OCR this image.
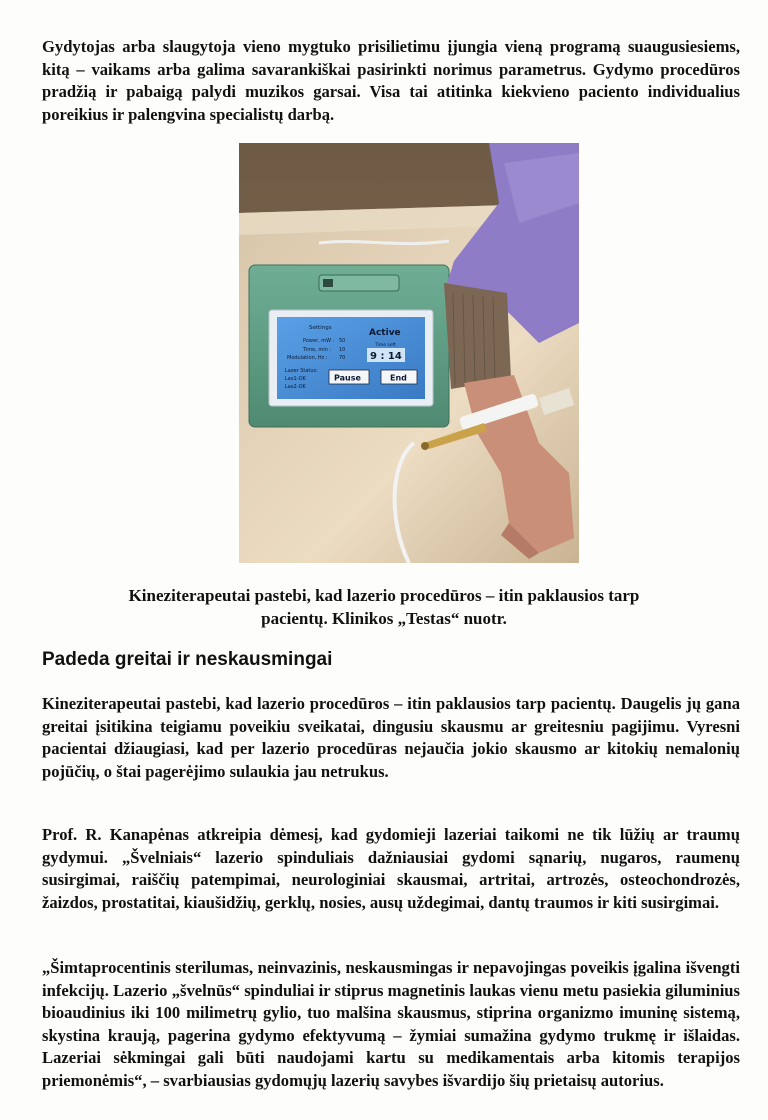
Gydytojas arba slaugytoja vieno mygtuko prisilietimu įjungia vieną programą suaugusiesiems, kitą – vaikams arba galima savarankiškai pasirinkti norimus parametrus. Gydymo procedūros pradžią ir pabaigą palydi muzikos garsai. Visa tai atitinka kiekvieno paciento individualius poreikius ir palengvina specialistų darbą.

Settings	Active
Power, mW : 50
Time, min : 10
Modulation, Hz : 70
Time Left
9 : 14
Lazer Status:
Las1-OK
Las2-OK
Pause	End

Kineziterapeutai pastebi, kad lazerio procedūros – itin paklausios tarp
pacientų. Klinikos „Testas“ nuotr.

Padeda greitai ir neskausmingai

Kineziterapeutai pastebi, kad lazerio procedūros – itin paklausios tarp pacientų. Daugelis jų gana greitai įsitikina teigiamu poveikiu sveikatai, dingusiu skausmu ar greitesniu pagijimu. Vyresni pacientai džiaugiasi, kad per lazerio procedūras nejaučia jokio skausmo ar kitokių nemalonių pojūčių, o štai pagerėjimo sulaukia jau netrukus.

Prof. R. Kanapėnas atkreipia dėmesį, kad gydomieji lazeriai taikomi ne tik lūžių ar traumų gydymui. „Švelniais“ lazerio spinduliais dažniausiai gydomi sąnarių, nugaros, raumenų susirgimai, raiščių patempimai, neurologiniai skausmai, artritai, artrozės, osteochondrozės, žaizdos, prostatitai, kiaušidžių, gerklų, nosies, ausų uždegimai, dantų traumos ir kiti susirgimai.

„Šimtaprocentinis sterilumas, neinvazinis, neskausmingas ir nepavojingas poveikis įgalina išvengti infekcijų. Lazerio „švelnūs“ spinduliai ir stiprus magnetinis laukas vienu metu pasiekia giluminius bioaudinius iki 100 milimetrų gylio, tuo malšina skausmus, stiprina organizmo imuninę sistemą, skystina kraują, pagerina gydymo efektyvumą – žymiai sumažina gydymo trukmę ir išlaidas. Lazeriai sėkmingai gali būti naudojami kartu su medikamentais arba kitomis terapijos priemonėmis“, – svarbiausias gydomųjų lazerių savybes išvardijo šių prietaisų autorius.
